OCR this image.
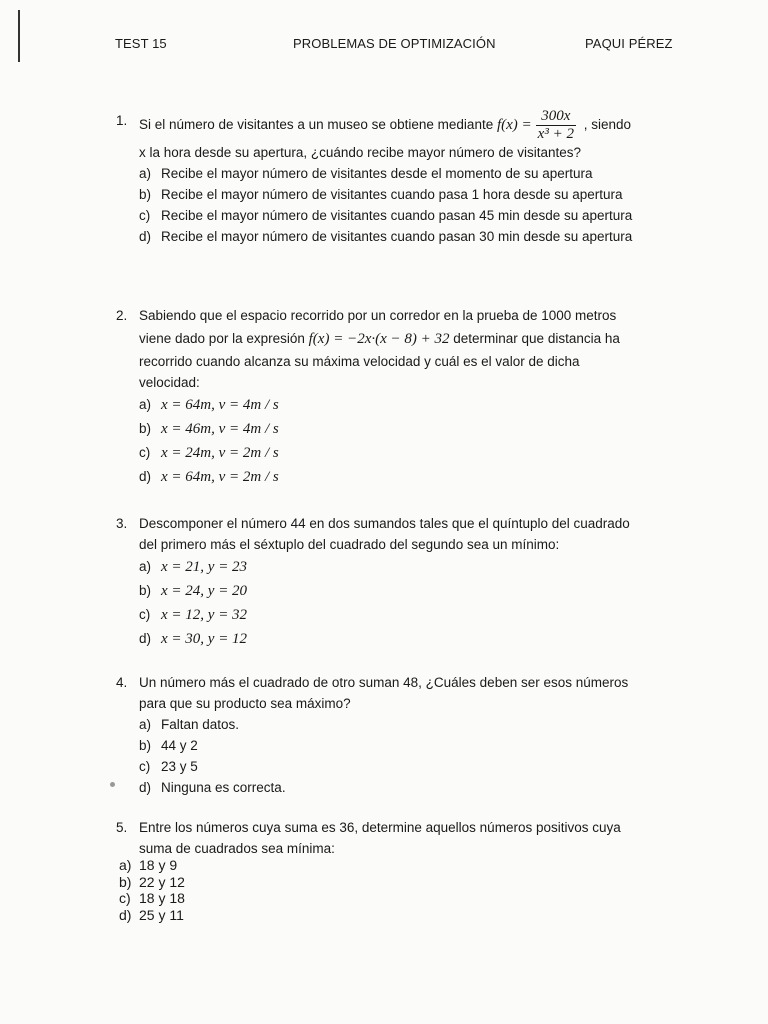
TEST 15	PROBLEMAS DE OPTIMIZACIÓN	PAQUI PÉREZ
1. Si el número de visitantes a un museo se obtiene mediante $f(x) = \frac{300x}{\text{x³ + 2}}$ , siendo
x la hora desde su apertura, ¿cuándo recibe mayor número de visitantes?
a) Recibe el mayor número de visitantes desde el momento de su apertura
b) Recibe el mayor número de visitantes cuando pasa 1 hora desde su apertura
c) Recibe el mayor número de visitantes cuando pasan 45 min desde su apertura
d) Recibe el mayor número de visitantes cuando pasan 30 min desde su apertura
2. Sabiendo que el espacio recorrido por un corredor en la prueba de 1000 metros
viene dado por la expresión f(x) = −2x·(x − 8) + 32 determinar que distancia ha
recorrido cuando alcanza su máxima velocidad y cuál es el valor de dicha
velocidad:
a) x = 64m, v = 4m / s
b) x = 46m, v = 4m / s
c) x = 24m, v = 2m / s
d) x = 64m, v = 2m / s
3. Descomponer el número 44 en dos sumandos tales que el quíntuplo del cuadrado
del primero más el séxtuplo del cuadrado del segundo sea un mínimo:
a) x = 21, y = 23
b) x = 24, y = 20
c) x = 12, y = 32
d) x = 30, y = 12
4. Un número más el cuadrado de otro suman 48, ¿Cuáles deben ser esos números
para que su producto sea máximo?
a) Faltan datos.
b) 44 y 2
c) 23 y 5
d) Ninguna es correcta.
5. Entre los números cuya suma es 36, determine aquellos números positivos cuya
suma de cuadrados sea mínima:
a) 18 y 9
b) 22 y 12
c) 18 y 18
d) 25 y 11
